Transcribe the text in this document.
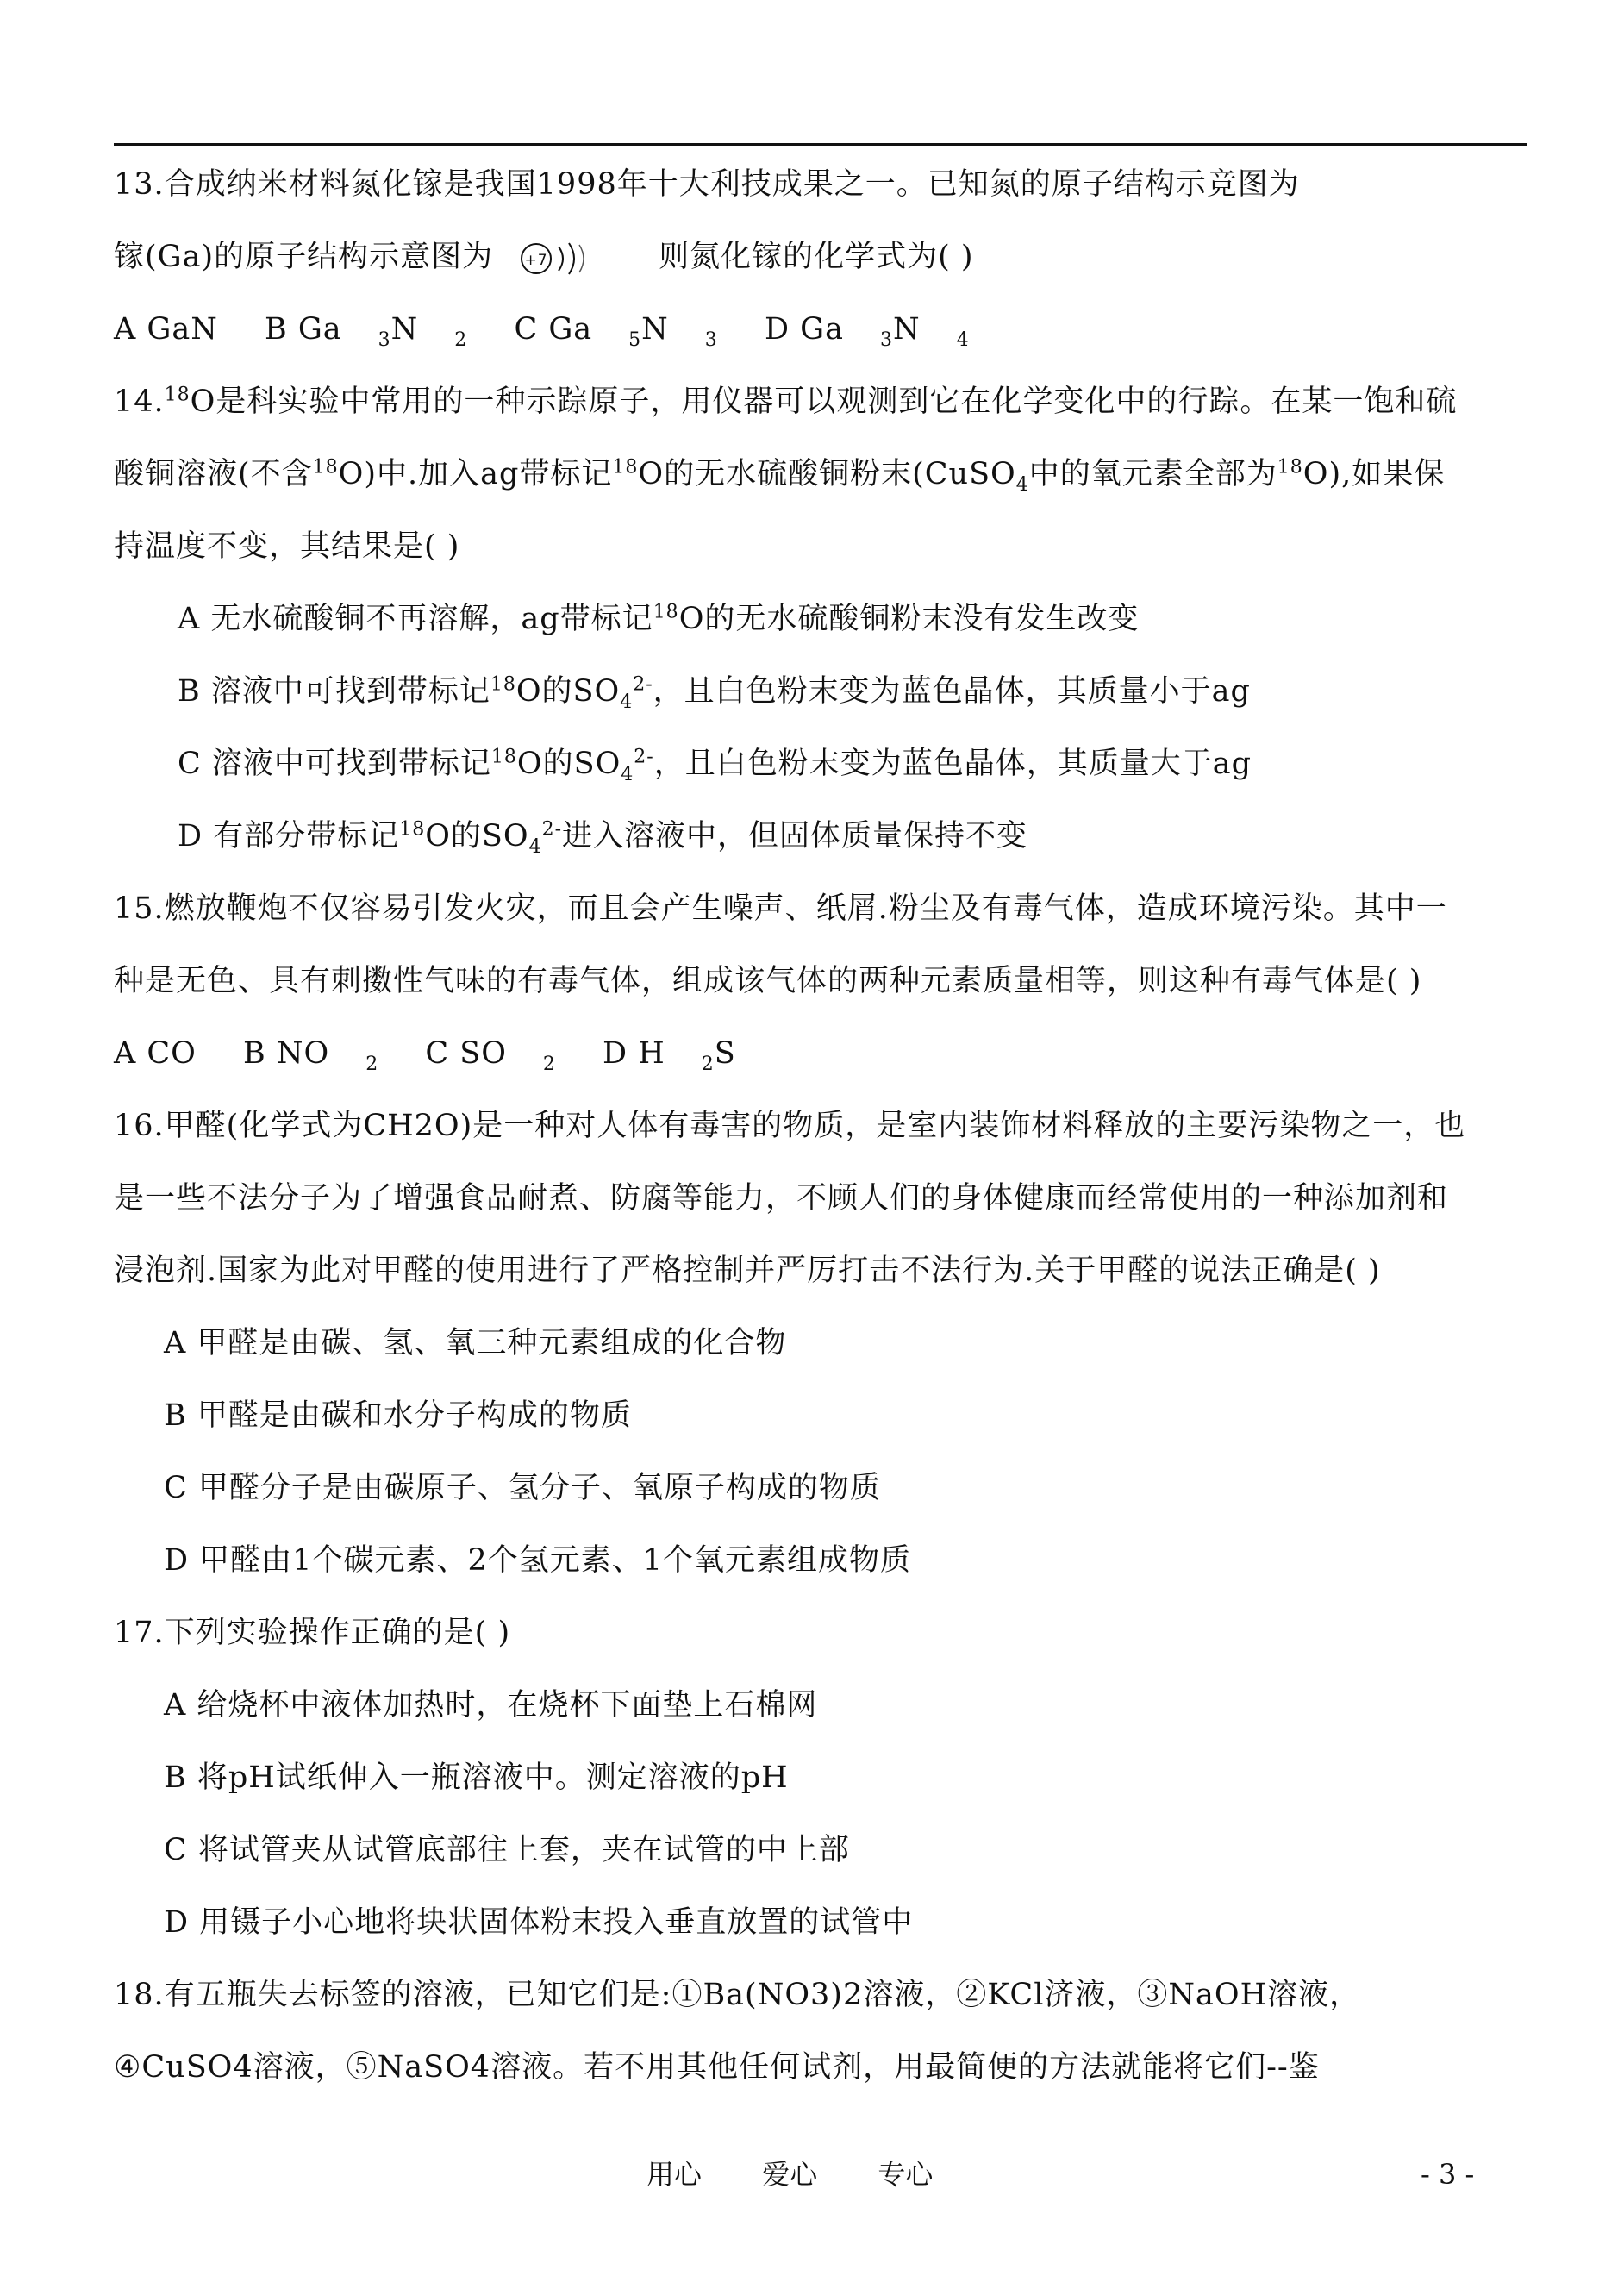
13.合成纳米材料氮化镓是我国1998年十大利技成果之一。已知氮的原子结构示竞图为
镓(Ga)的原子结构示意图为 +7	则氮化镓的化学式为( )
A GaN B Ga $_3$N $_2$ C Ga $_5$N $_3$ D Ga $_3$N $_4$
14.18O是科实验中常用的一种示踪原子，用仪器可以观测到它在化学变化中的行踪。在某一饱和硫
酸铜溶液(不含$^{18}$O)中.加入ag带标记$^{18}$O的无水硫酸铜粉末(CuSO$_4$中的氧元素全部为$^{18}$O),如果保
持温度不变，其结果是( )
A 无水硫酸铜不再溶解，ag带标记$^{18}$O的无水硫酸铜粉末没有发生改变
B 溶液中可找到带标记$^{18}$O的$SO_4^{2-}$，且白色粉末变为蓝色晶体，其质量小于ag
C 溶液中可找到带标记$^{18}$O的$SO_4^{2-}$，且白色粉末变为蓝色晶体，其质量大于ag
D 有部分带标记$^{18}$O的$SO_4^{2-}$进入溶液中，但固体质量保持不变
15.燃放鞭炮不仅容易引发火灾，而且会产生噪声、纸屑.粉尘及有毒气体，造成环境污染。其中一
种是无色、具有刺擞性气味的有毒气体，组成该气体的两种元素质量相等，则这种有毒气体是( )
A CO B NO $_2$ C SO $_2$ D H $_2$S
16.甲醛(化学式为CH2O)是一种对人体有毒害的物质，是室内装饰材料释放的主要污染物之一，也
是一些不法分子为了增强食品耐煮、防腐等能力，不顾人们的身体健康而经常使用的一种添加剂和
浸泡剂.国家为此对甲醛的使用进行了严格控制并严厉打击不法行为.关于甲醛的说法正确是( )
A 甲醛是由碳、氢、氧三种元素组成的化合物
B 甲醛是由碳和水分子构成的物质
C 甲醛分子是由碳原子、氢分子、氧原子构成的物质
D 甲醛由1个碳元素、2个氢元素、1个氧元素组成物质
17.下列实验操作正确的是( )
A 给烧杯中液体加热时，在烧杯下面垫上石棉网
B 将pH试纸伸入一瓶溶液中。测定溶液的pH
C 将试管夹从试管底部往上套，夹在试管的中上部
D 用镊子小心地将块状固体粉末投入垂直放置的试管中
18.有五瓶失去标签的溶液，已知它们是:①Ba(NO3)2溶液，②KCl济液，③NaOH溶液，
④CuSO4溶液，⑤NaSO4溶液。若不用其他任何试剂，用最简便的方法就能将它们--鉴
用心 爱心 专心	- 3 -
